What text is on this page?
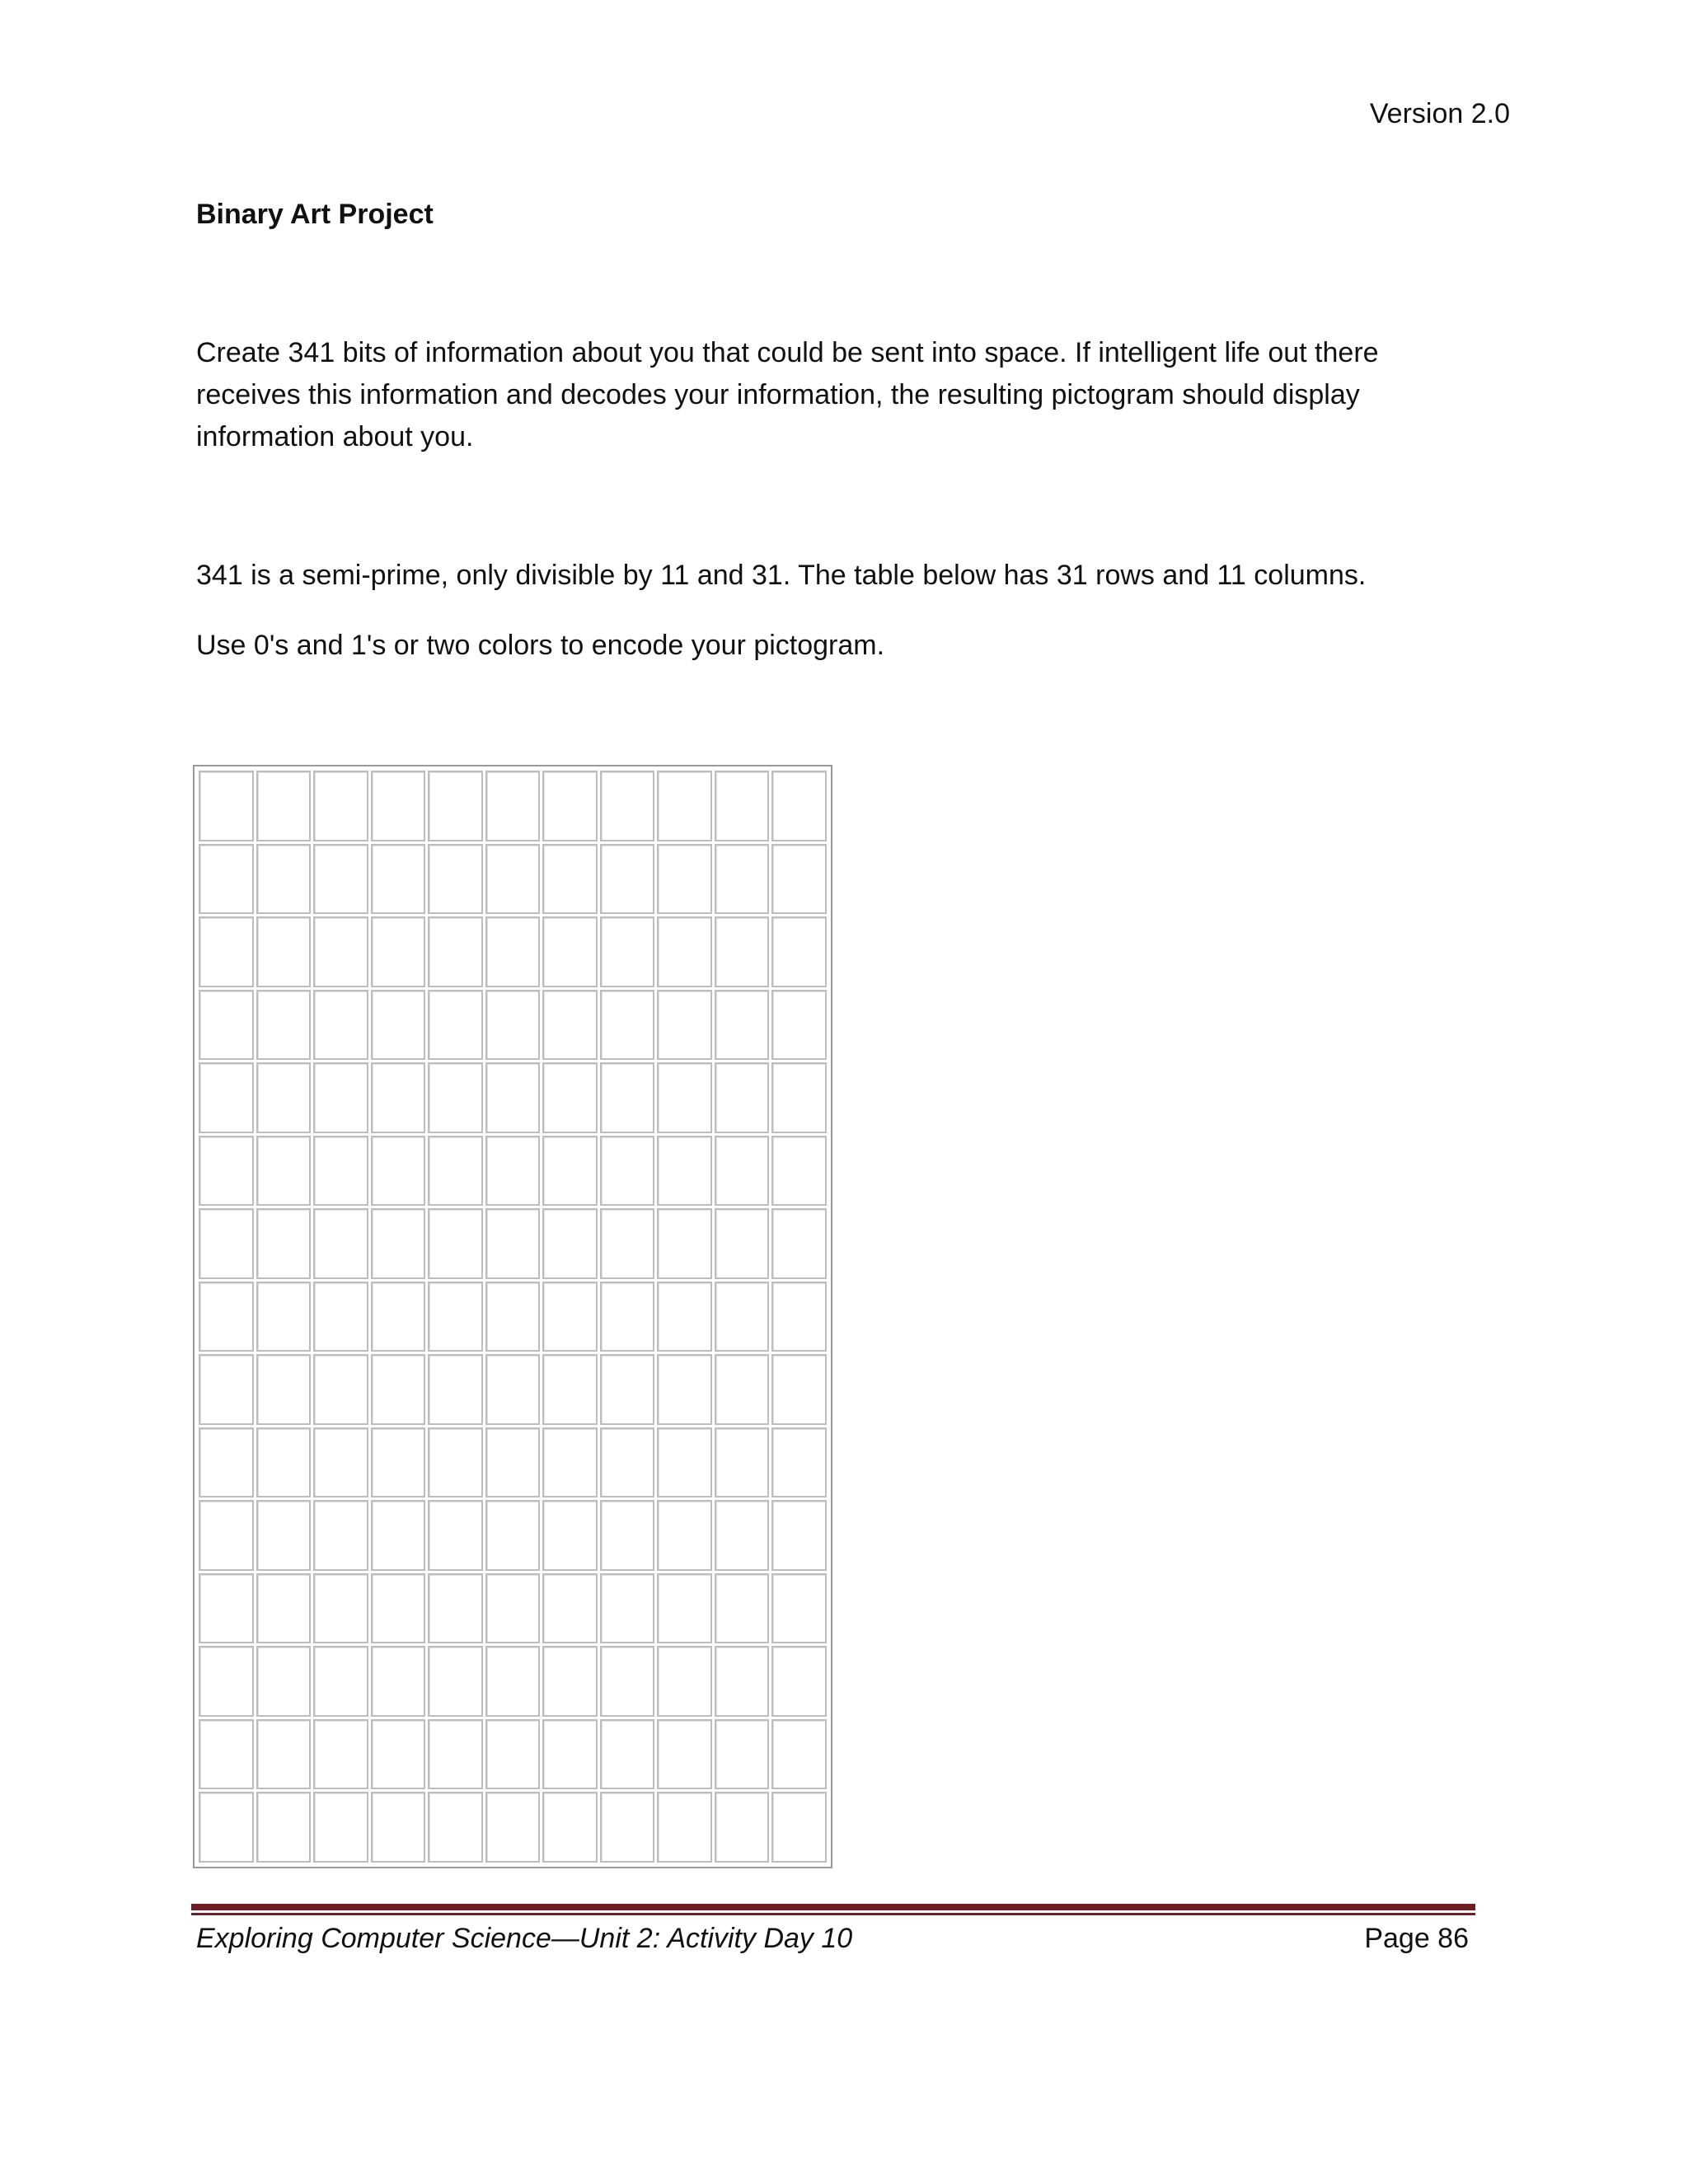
Version 2.0
Binary Art Project

Create 341 bits of information about you that could be sent into space. If intelligent life out there receives this information and decodes your information, the resulting pictogram should display information about you.

341 is a semi-prime, only divisible by 11 and 31. The table below has 31 rows and 11 columns.

Use 0's and 1's or two colors to encode your pictogram.

Exploring Computer Science—Unit 2: Activity Day 10	Page 86
